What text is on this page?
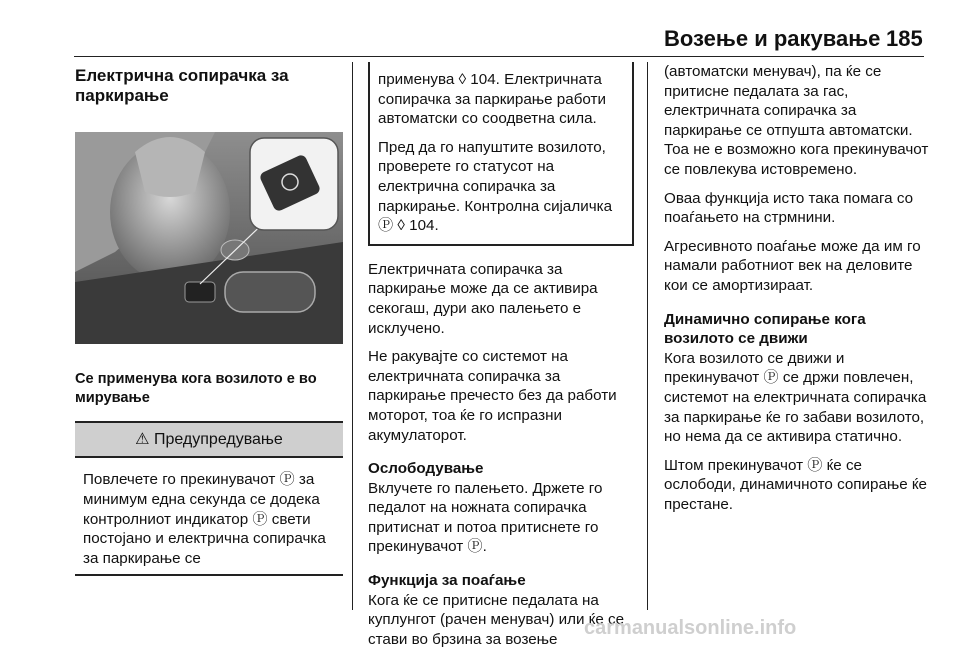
Возење и ракување 185
Електрична сопирачка за паркирање
Се применува кога возилото е во мирување
⚠ Предупредување
Повлечете го прекинувачот Ⓟ за минимум една секунда се додека контролниот индикатор Ⓟ свети постојано и електрична сопирачка за паркирање се

применува ◊ 104. Електричната сопирачка за паркирање работи автоматски со соодветна сила.

Пред да го напуштите возилото, проверете го статусот на електрична сопирачка за паркирање. Контролна сијаличка Ⓟ ◊ 104.

Електричната сопирачка за паркирање може да се активира секогаш, дури ако палењето е исклучено.

Не ракувајте со системот на електричната сопирачка за паркирање пречесто без да работи моторот, тоа ќе го испразни акумулаторот.

Ослободување

Вклучете го палењето. Држете го педалот на ножната сопирачка притиснат и потоа притиснете го прекинувачот Ⓟ.

Функција за поаѓање

Кога ќе се притисне педалата на куплунгот (рачен менувач) или ќе се стави во брзина за возење

(автоматски менувач), па ќе се притисне педалата за гас, електричната сопирачка за паркирање се отпушта автоматски. Тоа не е возможно кога прекинувачот се повлекува истовремено.

Оваа функција исто така помага со поаѓањето на стрмнини.

Агресивното поаѓање може да им го намали работниот век на деловите кои се амортизираат.

Динамично сопирање кога возилото се движи

Кога возилото се движи и прекинувачот Ⓟ се држи повлечен, системот на електричната сопирачка за паркирање ќе го забави возилото, но нема да се активира статично.

Штом прекинувачот Ⓟ ќе се ослободи, динамичното сопирање ќе престане.

carmanualsonline.info
